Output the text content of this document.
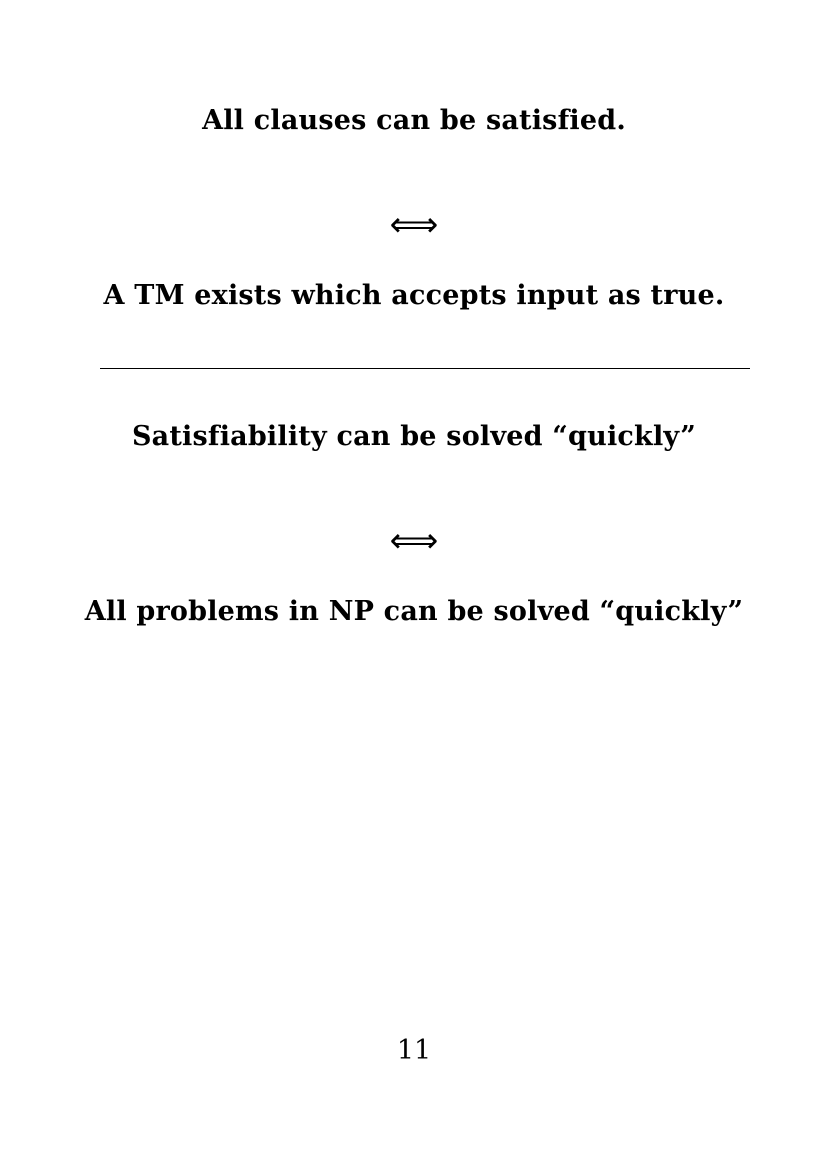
All clauses can be satisfied.
⟺
A TM exists which accepts input as true.
Satisfiability can be solved “quickly”
⟺
All problems in NP can be solved “quickly”
11
